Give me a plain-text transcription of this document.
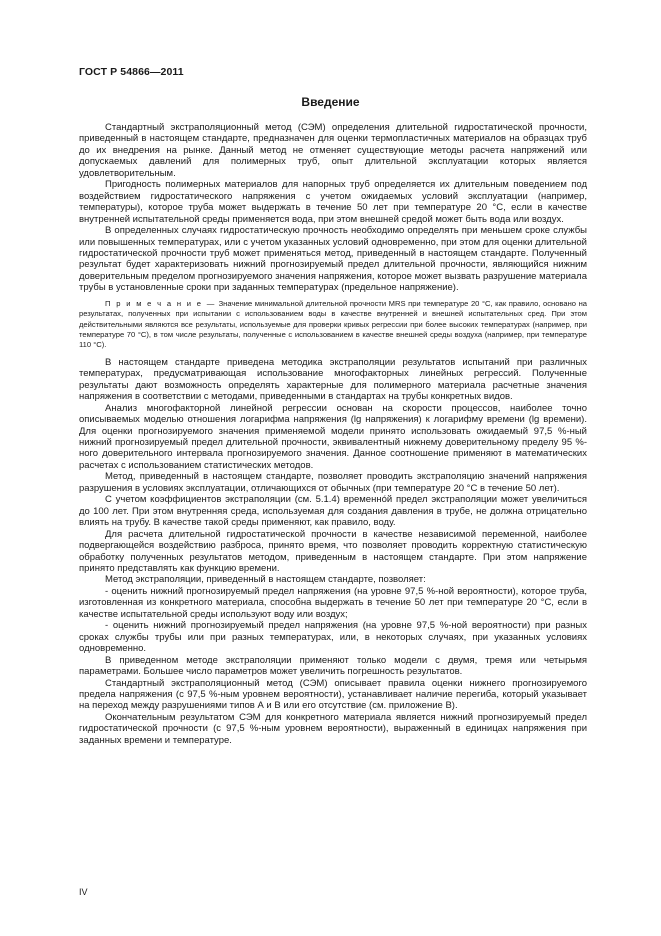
ГОСТ Р 54866—2011
Введение

Стандартный экстраполяционный метод (СЭМ) определения длительной гидростатической прочности, приведенный в настоящем стандарте, предназначен для оценки термопластичных материалов на образцах труб до их внедрения на рынке. Данный метод не отменяет существующие методы расчета напряжений или допускаемых давлений для полимерных труб, опыт длительной эксплуатации которых является удовлетворительным.

Пригодность полимерных материалов для напорных труб определяется их длительным поведением под воздействием гидростатического напряжения с учетом ожидаемых условий эксплуатации (например, температуры), которое труба может выдержать в течение 50 лет при температуре 20 °С, если в качестве внутренней испытательной среды применяется вода, при этом внешней средой может быть вода или воздух.

В определенных случаях гидростатическую прочность необходимо определять при меньшем сроке службы или повышенных температурах, или с учетом указанных условий одновременно, при этом для оценки длительной гидростатической прочности труб может применяться метод, приведенный в настоящем стандарте. Полученный результат будет характеризовать нижний прогнозируемый предел длительной прочности, являющийся нижним доверительным пределом прогнозируемого значения напряжения, которое может вызвать разрушение материала трубы в установленные сроки при заданных температурах (предельное напряжение).

П р и м е ч а н и е — Значение минимальной длительной прочности MRS при температуре 20 °С, как правило, основано на результатах, полученных при испытании с использованием воды в качестве внутренней и внешней испытательных сред. При этом действительными являются все результаты, используемые для проверки кривых регрессии при более высоких температурах (например, при температуре 70 °С), в том числе результаты, полученные с использованием в качестве внешней среды воздуха (например, при температуре 110 °С).

В настоящем стандарте приведена методика экстраполяции результатов испытаний при различных температурах, предусматривающая использование многофакторных линейных регрессий. Полученные результаты дают возможность определять характерные для полимерного материала расчетные значения напряжения в соответствии с методами, приведенными в стандартах на трубы конкретных видов.

Анализ многофакторной линейной регрессии основан на скорости процессов, наиболее точно описываемых моделью отношения логарифма напряжения (lg напряжения) к логарифму времени (lg времени). Для оценки прогнозируемого значения применяемой модели принято использовать ожидаемый 97,5 %-ный нижний прогнозируемый предел длительной прочности, эквивалентный нижнему доверительному пределу 95 %-ного доверительного интервала прогнозируемого значения. Данное соотношение применяют в математических расчетах с использованием статистических методов.

Метод, приведенный в настоящем стандарте, позволяет проводить экстраполяцию значений напряжения разрушения в условиях эксплуатации, отличающихся от обычных (при температуре 20 °С в течение 50 лет).

С учетом коэффициентов экстраполяции (см. 5.1.4) временнóй предел экстраполяции может увеличиться до 100 лет. При этом внутренняя среда, используемая для создания давления в трубе, не должна отрицательно влиять на трубу. В качестве такой среды применяют, как правило, воду.

Для расчета длительной гидростатической прочности в качестве независимой переменной, наиболее подвергающейся воздействию разброса, принято время, что позволяет проводить корректную статистическую обработку полученных результатов методом, приведенным в настоящем стандарте. При этом напряжение принято представлять как функцию времени.

Метод экстраполяции, приведенный в настоящем стандарте, позволяет:

- оценить нижний прогнозируемый предел напряжения (на уровне 97,5 %-ной вероятности), которое труба, изготовленная из конкретного материала, способна выдержать в течение 50 лет при температуре 20 °С, если в качестве испытательной среды используют воду или воздух;

- оценить нижний прогнозируемый предел напряжения (на уровне 97,5 %-ной вероятности) при разных сроках службы трубы или при разных температурах, или, в некоторых случаях, при указанных условиях одновременно.

В приведенном методе экстраполяции применяют только модели с двумя, тремя или четырьмя параметрами. Большее число параметров может увеличить погрешность результатов.

Стандартный экстраполяционный метод (СЭМ) описывает правила оценки нижнего прогнозируемого предела напряжения (с 97,5 %-ным уровнем вероятности), устанавливает наличие перегиба, который указывает на переход между разрушениями типов А и В или его отсутствие (см. приложение В).

Окончательным результатом СЭМ для конкретного материала является нижний прогнозируемый предел гидростатической прочности (с 97,5 %-ным уровнем вероятности), выраженный в единицах напряжения при заданных времени и температуре.

IV
